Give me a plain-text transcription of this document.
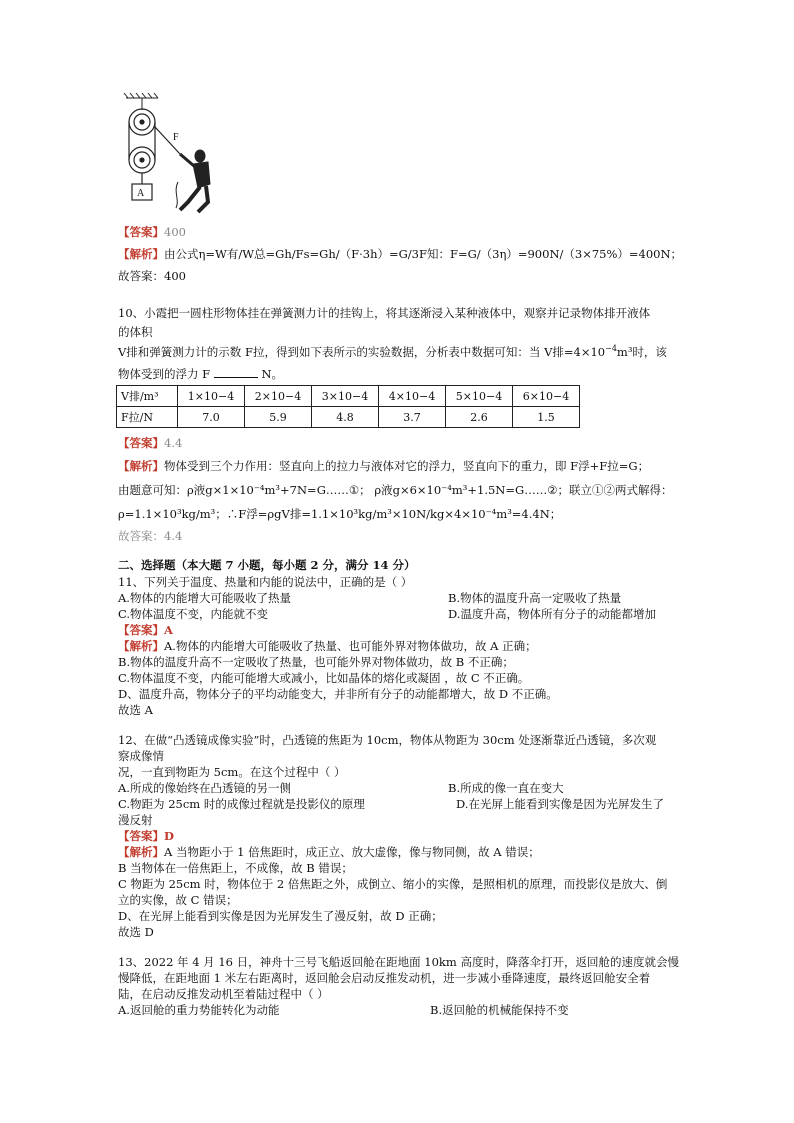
A
F
【答案】400
【解析】由公式η=W有/W总=Gh/Fs=Gh/（F·3h）=G/3F知：F=G/（3η）=900N/（3×75%）=400N；
故答案：400
10、小霞把一圆柱形物体挂在弹簧测力计的挂钩上，将其逐渐浸入某种液体中，观察并记录物体排开液体
的体积
V排和弹簧测力计的示数 F拉，得到如下表所示的实验数据，分析表中数据可知：当 V排$=4\times 10^{-4}m^3$时，该
物体受到的浮力 F	N。
V排/m³	1×10−4	2×10−4	3×10−4	4×10−4	5×10−4	6×10−4
F拉/N	7.0	5.9	4.8	3.7	2.6	1.5
【答案】4.4
【解析】物体受到三个力作用：竖直向上的拉力与液体对它的浮力，竖直向下的重力，即 F浮+F拉=G；
由题意可知：ρ液g×1×10⁻⁴m³+7N=G……①； ρ液g×6×10⁻⁴m³+1.5N=G……②；联立①②两式解得：
ρ=1.1×10³kg/m³；∴F浮=ρgV排=1.1×10³kg/m³×10N/kg×4×10⁻⁴m³=4.4N；
故答案：4.4
二、选择题（本大题 7 小题，每小题 2 分，满分 14 分）
11、下列关于温度、热量和内能的说法中，正确的是（ ）
A.物体的内能增大可能吸收了热量	B.物体的温度升高一定吸收了热量
C.物体温度不变，内能就不变	D.温度升高，物体所有分子的动能都增加
【答案】A
【解析】A.物体的内能增大可能吸收了热量、也可能外界对物体做功，故 A 正确；
B.物体的温度升高不一定吸收了热量，也可能外界对物体做功，故 B 不正确；
C.物体温度不变，内能可能增大或减小，比如晶体的熔化或凝固 ，故 C 不正确。
D、温度升高，物体分子的平均动能变大，并非所有分子的动能都增大，故 D 不正确。
故选 A
12、在做“凸透镜成像实验”时，凸透镜的焦距为 10cm，物体从物距为 30cm 处逐渐靠近凸透镜，多次观
察成像情
况，一直到物距为 5cm。在这个过程中（ ）
A.所成的像始终在凸透镜的另一侧	B.所成的像一直在变大
C.物距为 25cm 时的成像过程就是投影仪的原理	D.在光屏上能看到实像是因为光屏发生了
漫反射
【答案】D
【解析】A 当物距小于 1 倍焦距时，成正立、放大虚像，像与物同侧，故 A 错误；
B 当物体在一倍焦距上，不成像，故 B 错误；
C 物距为 25cm 时，物体位于 2 倍焦距之外，成倒立、缩小的实像，是照相机的原理，而投影仪是放大、倒
立的实像，故 C 错误；
D、在光屏上能看到实像是因为光屏发生了漫反射，故 D 正确；
故选 D
13、2022 年 4 月 16 日，神舟十三号飞船返回舱在距地面 10km 高度时，降落伞打开，返回舱的速度就会慢
慢降低，在距地面 1 米左右距离时，返回舱会启动反推发动机，进一步减小垂降速度，最终返回舱安全着
陆，在启动反推发动机至着陆过程中（ ）
A.返回舱的重力势能转化为动能	B.返回舱的机械能保持不变
